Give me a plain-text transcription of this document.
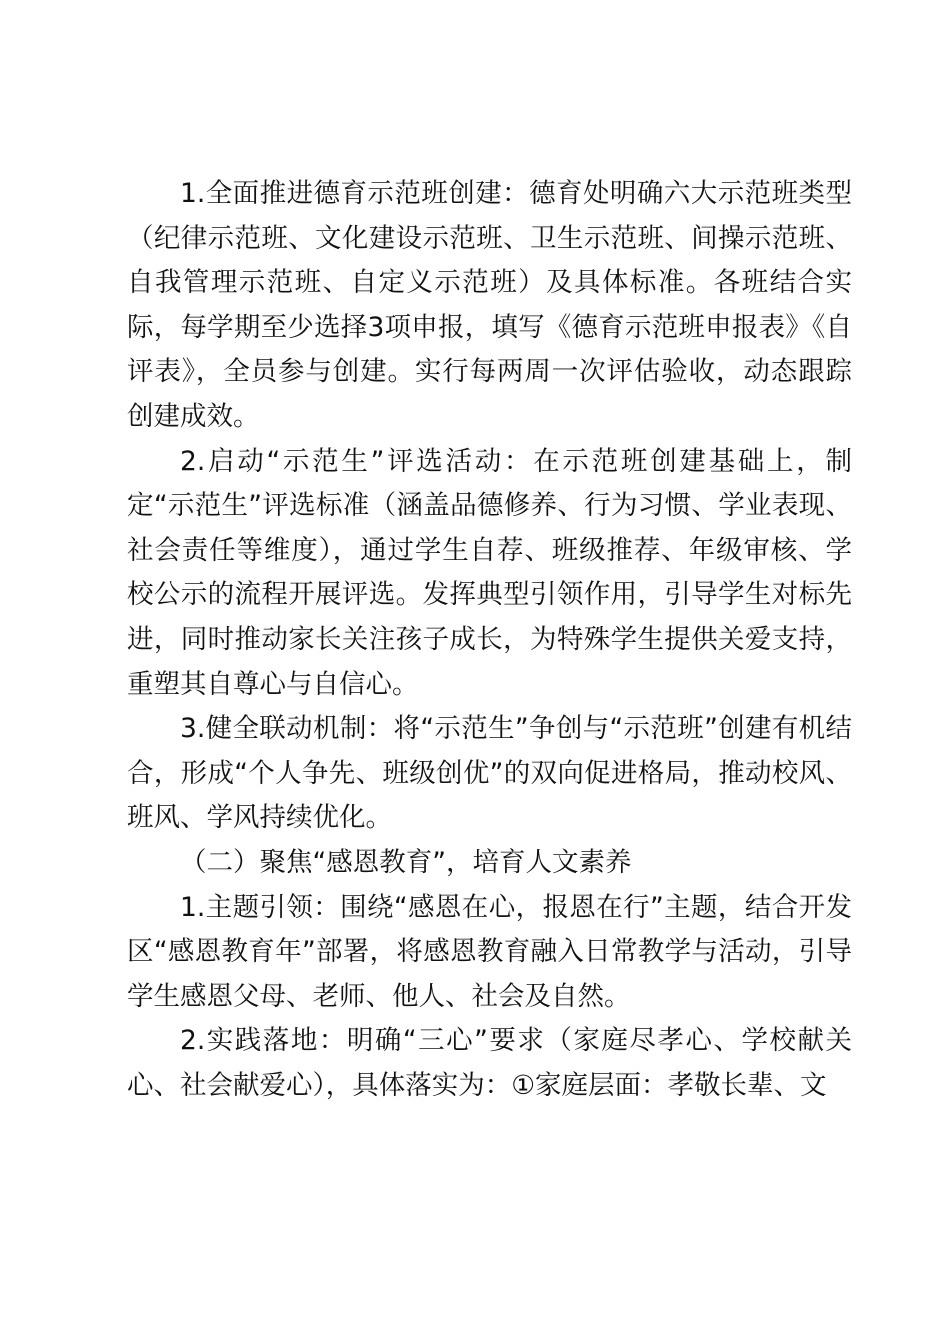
1.全面推进德育示范班创建：德育处明确六大示范班类型（纪律示范班、文化建设示范班、卫生示范班、间操示范班、自我管理示范班、自定义示范班）及具体标准。各班结合实际，每学期至少选择3项申报，填写《德育示范班申报表》《自评表》，全员参与创建。实行每两周一次评估验收，动态跟踪创建成效。

2.启动“示范生”评选活动：在示范班创建基础上，制定“示范生”评选标准（涵盖品德修养、行为习惯、学业表现、社会责任等维度），通过学生自荐、班级推荐、年级审核、学校公示的流程开展评选。发挥典型引领作用，引导学生对标先进，同时推动家长关注孩子成长，为特殊学生提供关爱支持，重塑其自尊心与自信心。

3.健全联动机制：将“示范生”争创与“示范班”创建有机结合，形成“个人争先、班级创优”的双向促进格局，推动校风、班风、学风持续优化。

（二）聚焦“感恩教育”，培育人文素养

1.主题引领：围绕“感恩在心，报恩在行”主题，结合开发区“感恩教育年”部署，将感恩教育融入日常教学与活动，引导学生感恩父母、老师、他人、社会及自然。

2.实践落地：明确“三心”要求（家庭尽孝心、学校献关心、社会献爱心），具体落实为：①家庭层面：孝敬长辈、文
